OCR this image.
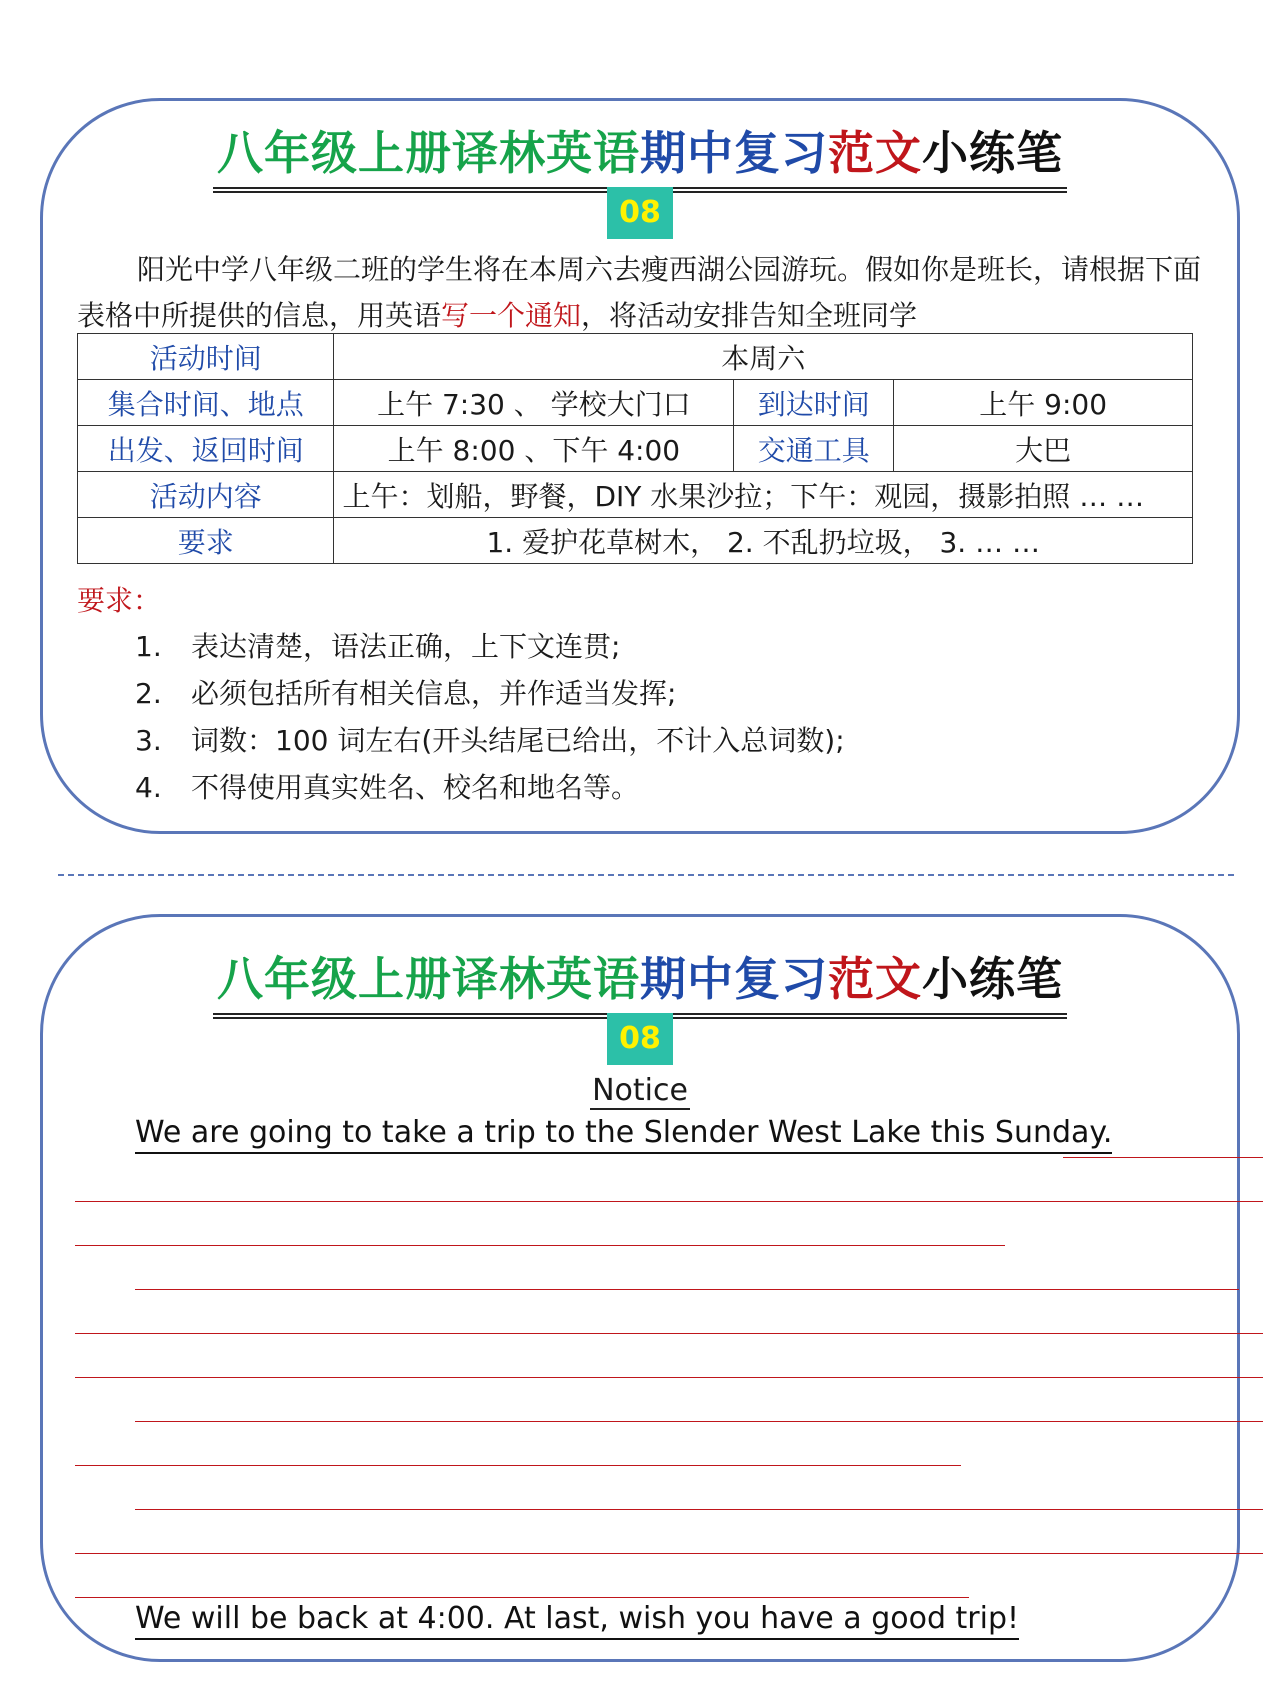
八年级上册译林英语期中复习范文小练笔
08
阳光中学八年级二班的学生将在本周六去瘦西湖公园游玩。假如你是班长，请根据下面表格中所提供的信息，用英语写一个通知，将活动安排告知全班同学
活动时间	本周六		
集合时间、地点	上午 7:30 、 学校大门口	到达时间	上午 9:00
出发、返回时间	上午 8:00 、下午 4:00	交通工具	大巴
活动内容	上午：划船，野餐，DIY 水果沙拉；下午：观园，摄影拍照 … …		
要求	1. 爱护花草树木， 2. 不乱扔垃圾， 3. … …		
要求：
1. 表达清楚，语法正确，上下文连贯;
2. 必须包括所有相关信息，并作适当发挥;
3. 词数：100 词左右(开头结尾已给出，不计入总词数);
4. 不得使用真实姓名、校名和地名等。
八年级上册译林英语期中复习范文小练笔
08
Notice
We are going to take a trip to the Slender West Lake this Sunday.
We will be back at 4:00. At last, wish you have a good trip!
